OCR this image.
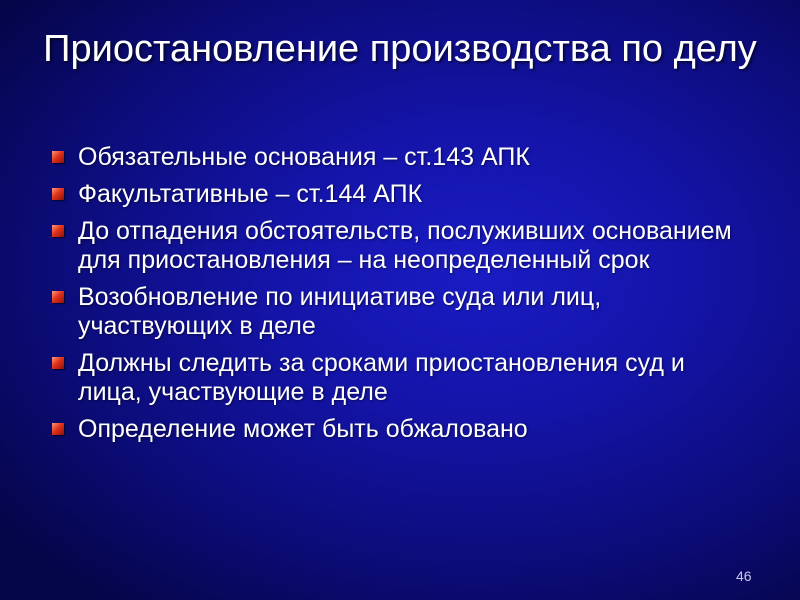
Приостановление производства по делу
Обязательные основания – ст.143 АПК
Факультативные – ст.144 АПК
До отпадения обстоятельств, послуживших основанием для приостановления – на неопределенный срок
Возобновление по инициативе суда или лиц, участвующих в деле
Должны следить за сроками приостановления суд и лица, участвующие в деле
Определение может быть обжаловано
46
